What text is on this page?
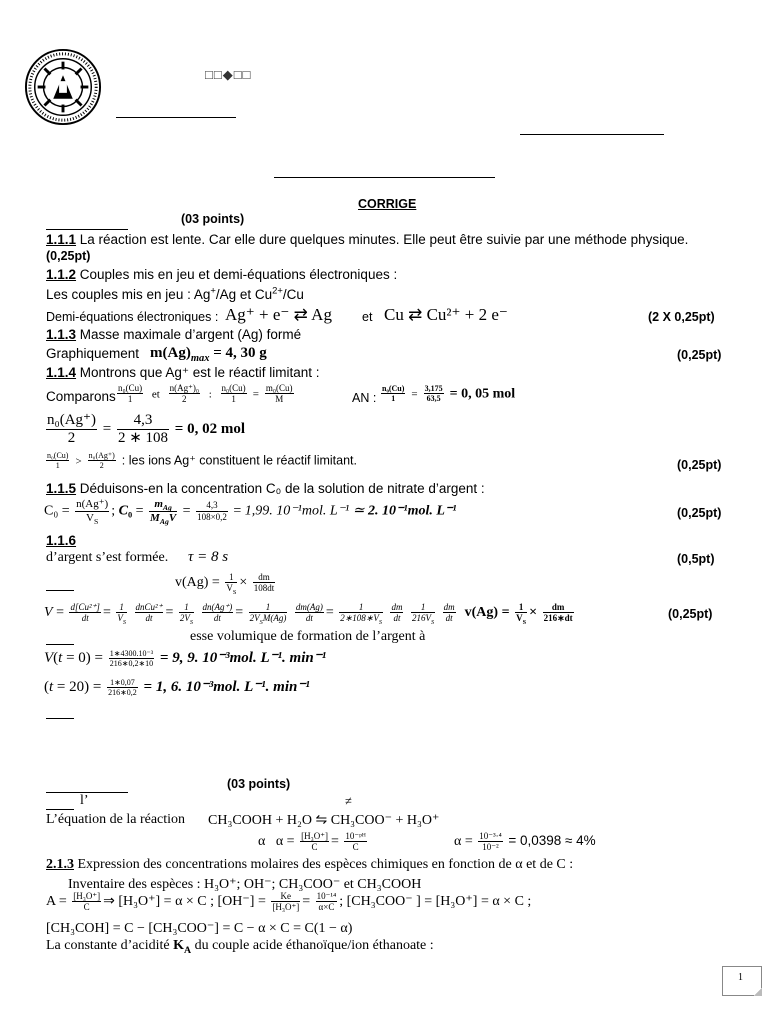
□□◆□□
CORRIGE
(03 points)
1.1.1 La réaction est lente. Car elle dure quelques minutes. Elle peut être suivie par une méthode physique.
(0,25pt)
1.1.2 Couples mis en jeu et demi-équations électroniques :
Les couples mis en jeu : Ag+/Ag et $Cu^{2+}/Cu$
Demi-équations électroniques : Ag⁺ + e⁻ ⇄ Ag et Cu ⇄ Cu²⁺ + 2 e⁻	(2 X 0,25pt)
1.1.3 Masse maximale d’argent (Ag) formé
Graphiquement $m(Ag)_{max} = 4$, 30 g	(0,25pt)
1.1.4 Montrons que Ag⁺ est le réactif limitant :
Comparons $\frac{\text{n₀(Cu)}}{1}$ et $\frac{\text{n(Ag⁺)₀}}{2}$ : $\frac{\text{n₀(Cu)}}{1} = \frac{\text{m₀(Cu)}}{M}$	AN : $\frac{\text{n₀(Cu)}}{1} = \frac{3,175}{63,5} = 0$, 05 mol
$\frac{\text{n₀(Ag⁺)}}{2} = \frac{4,3}{2 ∗ 108} = 0$, 02 mol
$\frac{\text{n₀(Cu)}}{1} > \frac{\text{n₀(Ag⁺)}}{2}$ : les ions Ag⁺ constituent le réactif limitant.	(0,25pt)
1.1.5 Déduisons-en la concentration C₀ de la solution de nitrate d’argent :
$C_0 = \frac{n(Ag^+)}{V_S}$ ; $C_0 = \frac{m_{Ag}}{M_{Ag}V} = \frac{4,3}{108\times 0,2} = 1,99$. 10⁻¹mol. L⁻¹ ≃ 2. 10⁻¹mol. L⁻¹	(0,25pt)
1.1.6
d’argent s’est formée. τ = 8 s	(0,5pt)
$v(Ag) = \frac{1}{V_S} \times \frac{dm}{108dt}$
$V = \frac{\text{d[Cu²⁺]}}{dt} = \frac{1}{V_S}$
$\frac{\text{dnCu²⁺}}{dt} = \frac{1}{2V_S}$
$\frac{dn(Ag^+)}{dt} = \frac{1}{2V_SM(Ag)}$
$\frac{dm(Ag)}{dt} = \frac{1}{2∗108∗V_S}$
$\frac{dm}{dt}$
$\frac{1}{216V_S}$
$\frac{dm}{dt} v(Ag) = \frac{1}{V_S} \times \frac{dm}{216∗dt}$	(0,25pt)
esse volumique de formation de l’argent à
$V(t = 0) = \frac{\text{1∗4300.10⁻³}}{216∗0,2∗10} = 9$, 9. 10⁻³mol. L⁻¹. min⁻¹
$(t = 20) = \frac{1∗0,07}{216∗0,2} = 1$, 6. 10⁻³mol. L⁻¹. min⁻¹
(03 points)
l’	≠
L’équation de la réaction CH₃COOH + H₂O ⇋ CH₃COO⁻ + H₃O⁺
α   $\alpha = \frac{\text{[H₃O⁺]}}{C} = \frac{\text{10⁻ᵖᴴ}}{C}$	$\alpha = \frac{\text{10⁻³·⁴}}{\text{10⁻²}} = 0,0398 \approx 4\%$
2.1.3 Expression des concentrations molaires des espèces chimiques en fonction de α et de C :
Inventaire des espèces : H₃O⁺; OH⁻; CH₃COO⁻ et CH₃COOH
$A = \frac{\text{[H₃O⁺]}}{C}$ ⇒ [H₃O⁺] = α × C ; $[OH^-] = \frac{Ke}{\text{[H₃O⁺]}} = \frac{\text{10⁻¹⁴}}{\alpha\times C}$ ; [CH₃COO⁻ ] = [H₃O⁺] = α × C ;
[CH₃COH] = C − [CH₃COO⁻] = C − α × C = C(1 − α)
La constante d’acidité $K_A$ du couple acide éthanoïque/ion éthanoate :
1
